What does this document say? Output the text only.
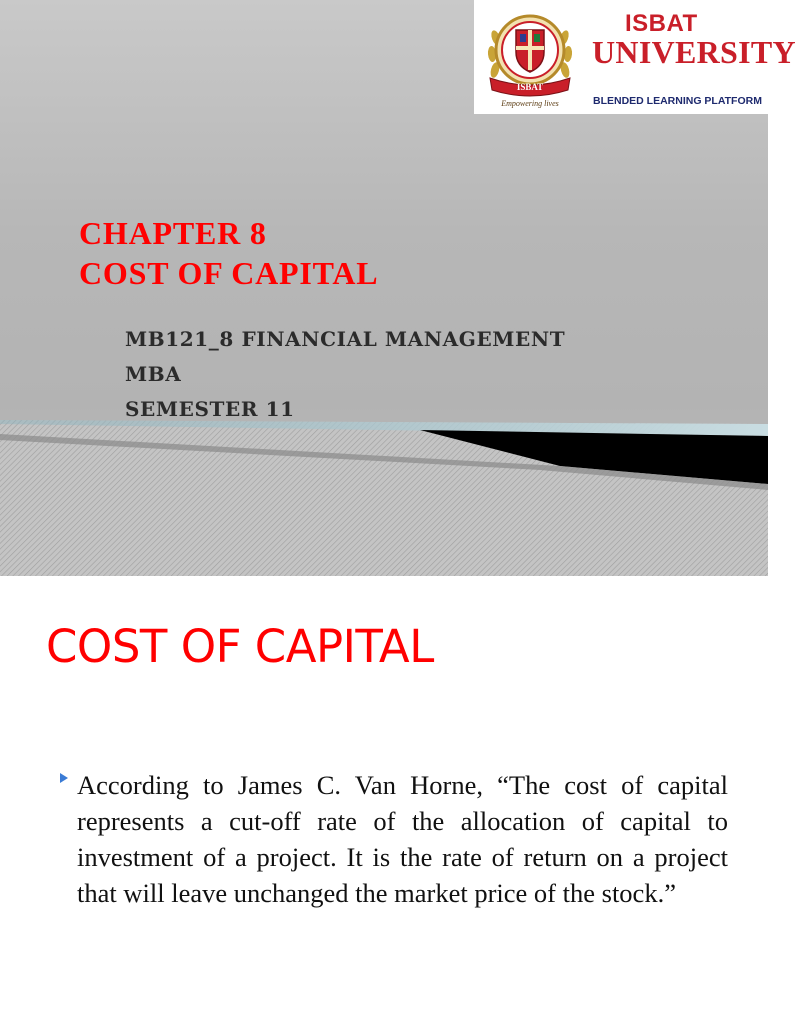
ISBAT
Empowering lives
ISBAT
UNIVERSITY
BLENDED LEARNING PLATFORM
CHAPTER 8
COST OF CAPITAL
MB121_8 FINANCIAL MANAGEMENT
MBA
SEMESTER 11
COST OF CAPITAL
According to James C. Van Horne, “The cost of capital represents a cut-off rate of the allocation of capital to investment of a project. It is the rate of return on a project that will leave unchanged the market price of the stock.”
